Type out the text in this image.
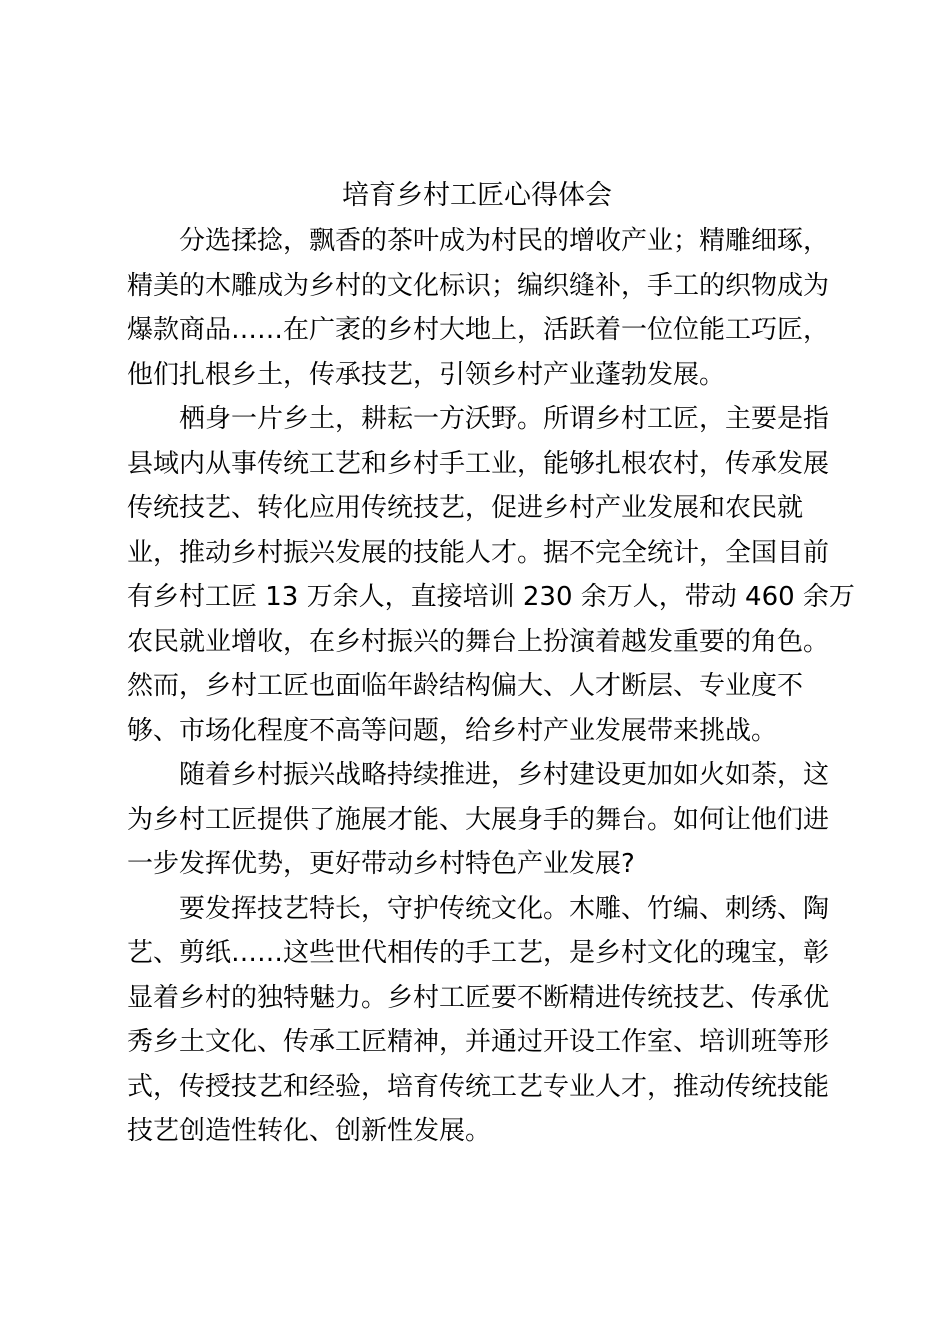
培育乡村工匠心得体会
分选揉捻，飘香的茶叶成为村民的增收产业；精雕细琢，
精美的木雕成为乡村的文化标识；编织缝补，手工的织物成为
爆款商品……在广袤的乡村大地上，活跃着一位位能工巧匠，
他们扎根乡土，传承技艺，引领乡村产业蓬勃发展。
栖身一片乡土，耕耘一方沃野。所谓乡村工匠，主要是指
县域内从事传统工艺和乡村手工业，能够扎根农村，传承发展
传统技艺、转化应用传统技艺，促进乡村产业发展和农民就
业，推动乡村振兴发展的技能人才。据不完全统计，全国目前
有乡村工匠 13 万余人，直接培训 230 余万人，带动 460 余万
农民就业增收，在乡村振兴的舞台上扮演着越发重要的角色。
然而，乡村工匠也面临年龄结构偏大、人才断层、专业度不
够、市场化程度不高等问题，给乡村产业发展带来挑战。
随着乡村振兴战略持续推进，乡村建设更加如火如荼，这
为乡村工匠提供了施展才能、大展身手的舞台。如何让他们进
一步发挥优势，更好带动乡村特色产业发展?
要发挥技艺特长，守护传统文化。木雕、竹编、刺绣、陶
艺、剪纸……这些世代相传的手工艺，是乡村文化的瑰宝，彰
显着乡村的独特魅力。乡村工匠要不断精进传统技艺、传承优
秀乡土文化、传承工匠精神，并通过开设工作室、培训班等形
式，传授技艺和经验，培育传统工艺专业人才，推动传统技能
技艺创造性转化、创新性发展。
